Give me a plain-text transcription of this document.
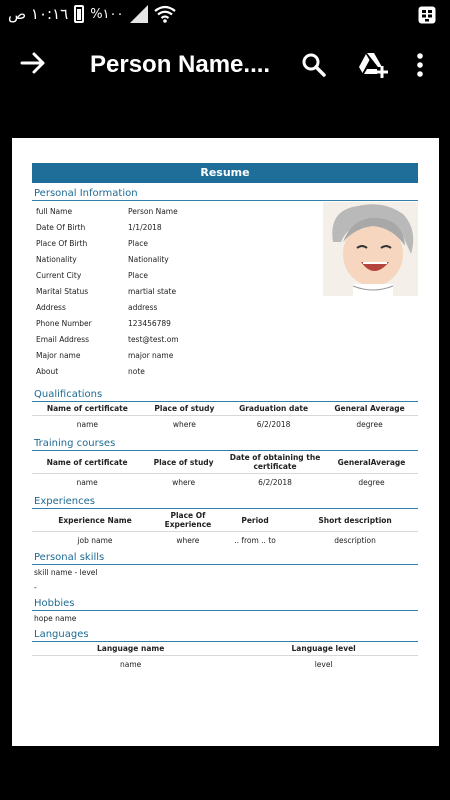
١٠:١٦ ص %١٠٠
Person Name....
Resume
Personal Information
full Name	Person Name
Date Of Birth	1/1/2018
Place Of Birth	Place
Nationality	Nationality
Current City	Place
Marital Status	martial state
Address	address
Phone Number	123456789
Email Address	test@test.om
Major name	major name
About	note
Qualifications
Name of certificate	Place of study	Graduation date	General Average
name	where	6/2/2018	degree
Training courses
Name of certificate	Place of study	Date of obtaining the certificate	GeneralAverage
name	where	6/2/2018	degree
Experiences
Experience Name	Place Of Experience	Period	Short description
job name	where	.. from .. to	description
Personal skills
skill name - level
-
Hobbies
hope name
Languages
Language name	Language level
name	level
